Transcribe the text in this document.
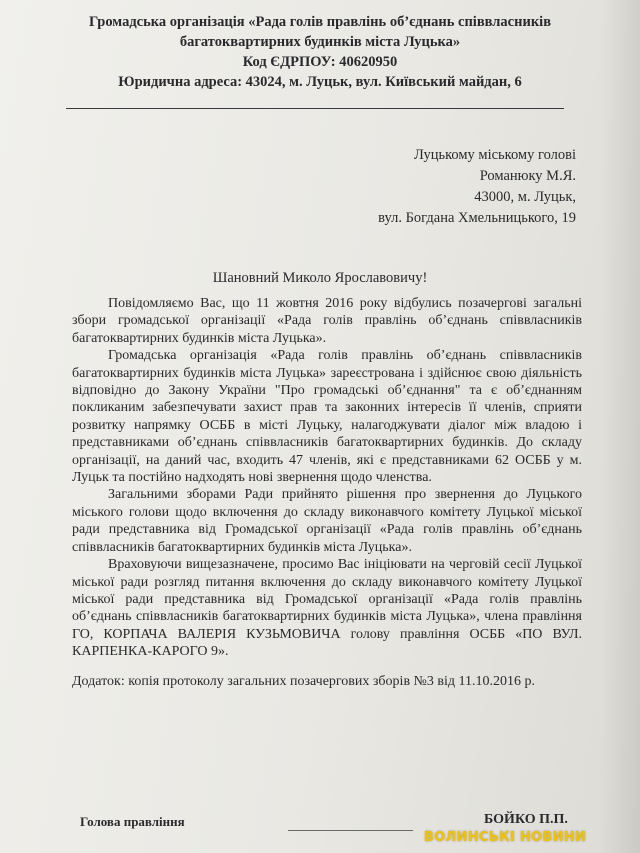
Громадська організація «Рада голів правлінь об’єднань співвласників
багатоквартирних будинків міста Луцька»
Код ЄДРПОУ: 40620950
Юридична адреса: 43024, м. Луцьк, вул. Київський майдан, 6
Луцькому міському голові
Романюку М.Я.
43000, м. Луцьк,
вул. Богдана Хмельницького, 19
Шановний Миколо Ярославовичу!

Повідомляємо Вас, що 11 жовтня 2016 року відбулись позачергові загальні збори громадської організації «Рада голів правлінь об’єднань співвласників багатоквартирних будинків міста Луцька».

Громадська організація «Рада голів правлінь об’єднань співвласників багатоквартирних будинків міста Луцька» зареєстрована і здійснює свою діяльність відповідно до Закону України "Про громадські об’єднання" та є об’єднанням покликаним забезпечувати захист прав та законних інтересів її членів, сприяти розвитку напрямку ОСББ в місті Луцьку, налагоджувати діалог між владою і представниками об’єднань співвласників багатоквартирних будинків. До складу організації, на даний час, входить 47 членів, які є представниками 62 ОСББ у м. Луцьк та постійно надходять нові звернення щодо членства.

Загальними зборами Ради прийнято рішення про звернення до Луцького міського голови щодо включення до складу виконавчого комітету Луцької міської ради представника від Громадської організації «Рада голів правлінь об’єднань співвласників багатоквартирних будинків міста Луцька».

Враховуючи вищезазначене, просимо Вас ініціювати на черговій сесії Луцької міської ради розгляд питання включення до складу виконавчого комітету Луцької міської ради представника від Громадської організації «Рада голів правлінь об’єднань співвласників багатоквартирних будинків міста Луцька», члена правління ГО, КОРПАЧА ВАЛЕРІЯ КУЗЬМОВИЧА голову правління ОСББ «ПО ВУЛ. КАРПЕНКА-КАРОГО 9».

Додаток: копія протоколу загальних позачергових зборів №3 від 11.10.2016 р.

Голова правління	БОЙКО П.П.
ВОЛИНСЬКІ НОВИНИ
